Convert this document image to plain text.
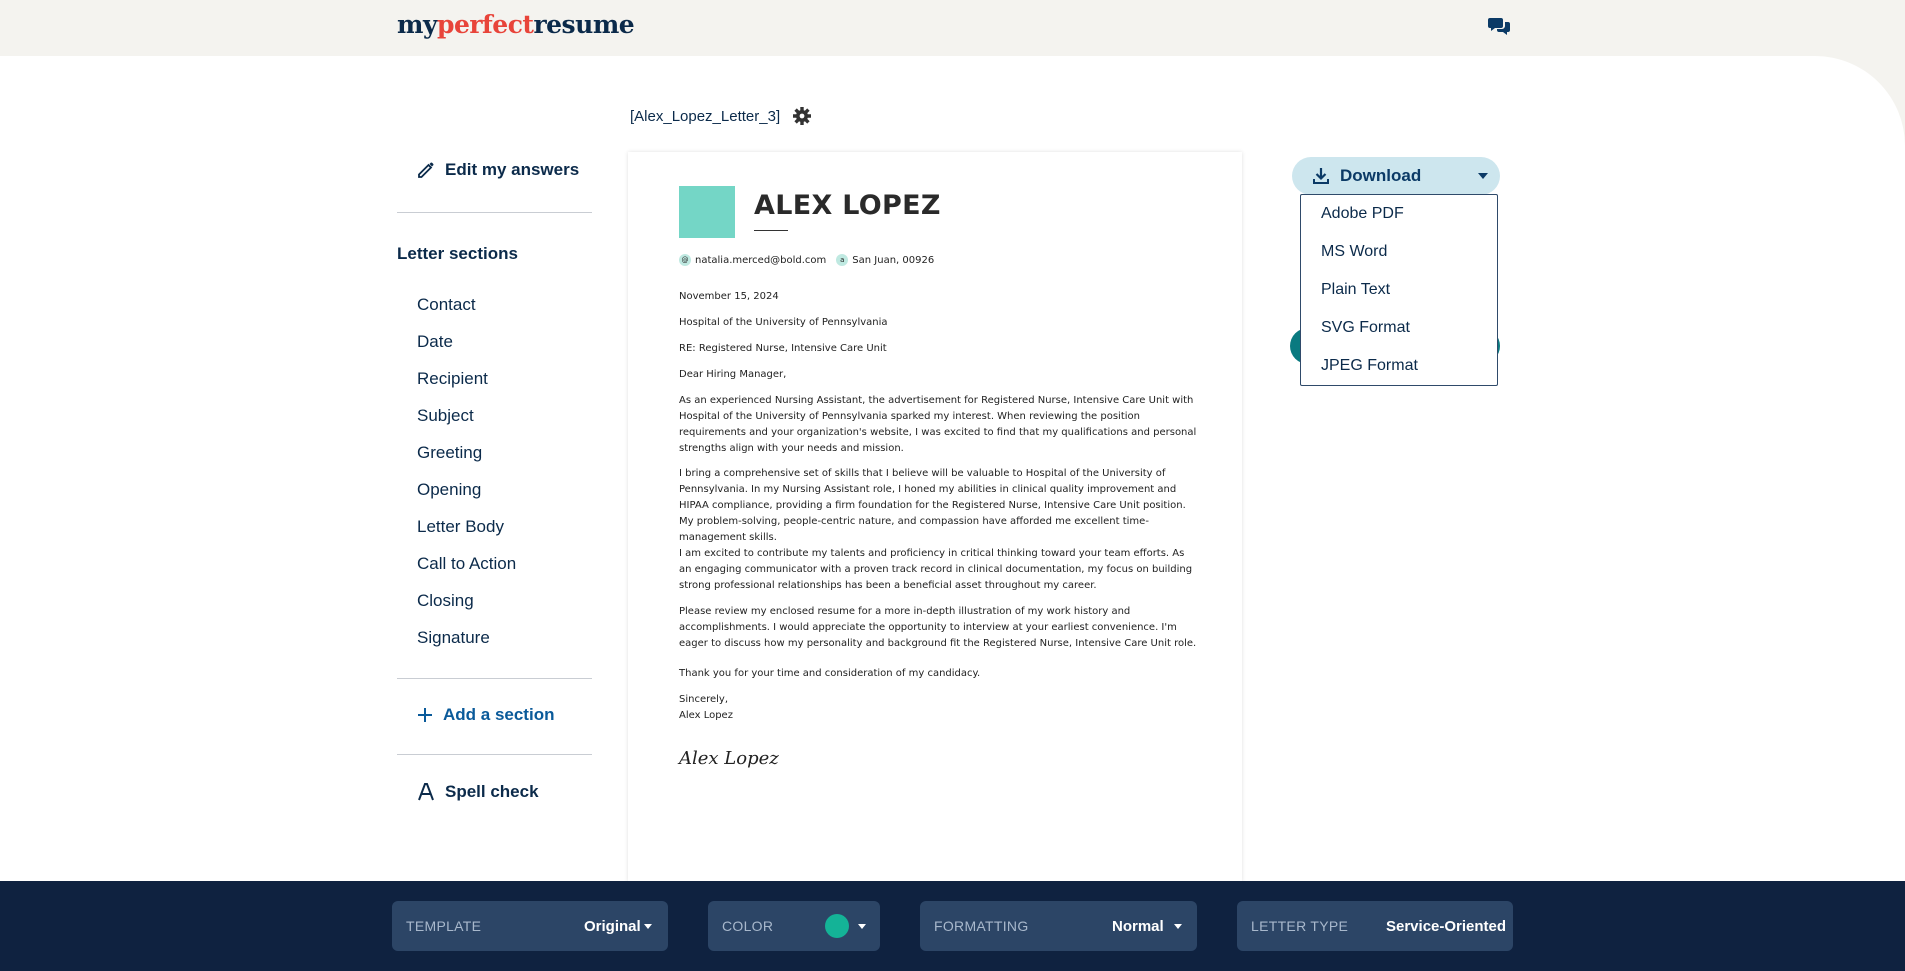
myperfectresume
Edit my answers
Letter sections
Contact
Date
Recipient
Subject
Greeting
Opening
Letter Body
Call to Action
Closing
Signature
Add a section
Spell check
[Alex_Lopez_Letter_3]
ALEX LOPEZ
@ natalia.merced@bold.com	a San Juan, 00926
November 15, 2024
Hospital of the University of Pennsylvania
RE: Registered Nurse, Intensive Care Unit
Dear Hiring Manager,
As an experienced Nursing Assistant, the advertisement for Registered Nurse, Intensive Care Unit with Hospital of the University of Pennsylvania sparked my interest. When reviewing the position requirements and your organization's website, I was excited to find that my qualifications and personal strengths align with your needs and mission.
I bring a comprehensive set of skills that I believe will be valuable to Hospital of the University of Pennsylvania. In my Nursing Assistant role, I honed my abilities in clinical quality improvement and HIPAA compliance, providing a firm foundation for the Registered Nurse, Intensive Care Unit position. My problem-solving, people-centric nature, and compassion have afforded me excellent time-management skills.
I am excited to contribute my talents and proficiency in critical thinking toward your team efforts. As an engaging communicator with a proven track record in clinical documentation, my focus on building strong professional relationships has been a beneficial asset throughout my career.
Please review my enclosed resume for a more in-depth illustration of my work history and accomplishments. I would appreciate the opportunity to interview at your earliest convenience. I'm eager to discuss how my personality and background fit the Registered Nurse, Intensive Care Unit role.
Thank you for your time and consideration of my candidacy.
Sincerely,
Alex Lopez
Alex Lopez
Download
Adobe PDF
MS Word
Plain Text
SVG Format
JPEG Format
TEMPLATE	Original	COLOR	FORMATTING	Normal	LETTER TYPE	Service-Oriented
